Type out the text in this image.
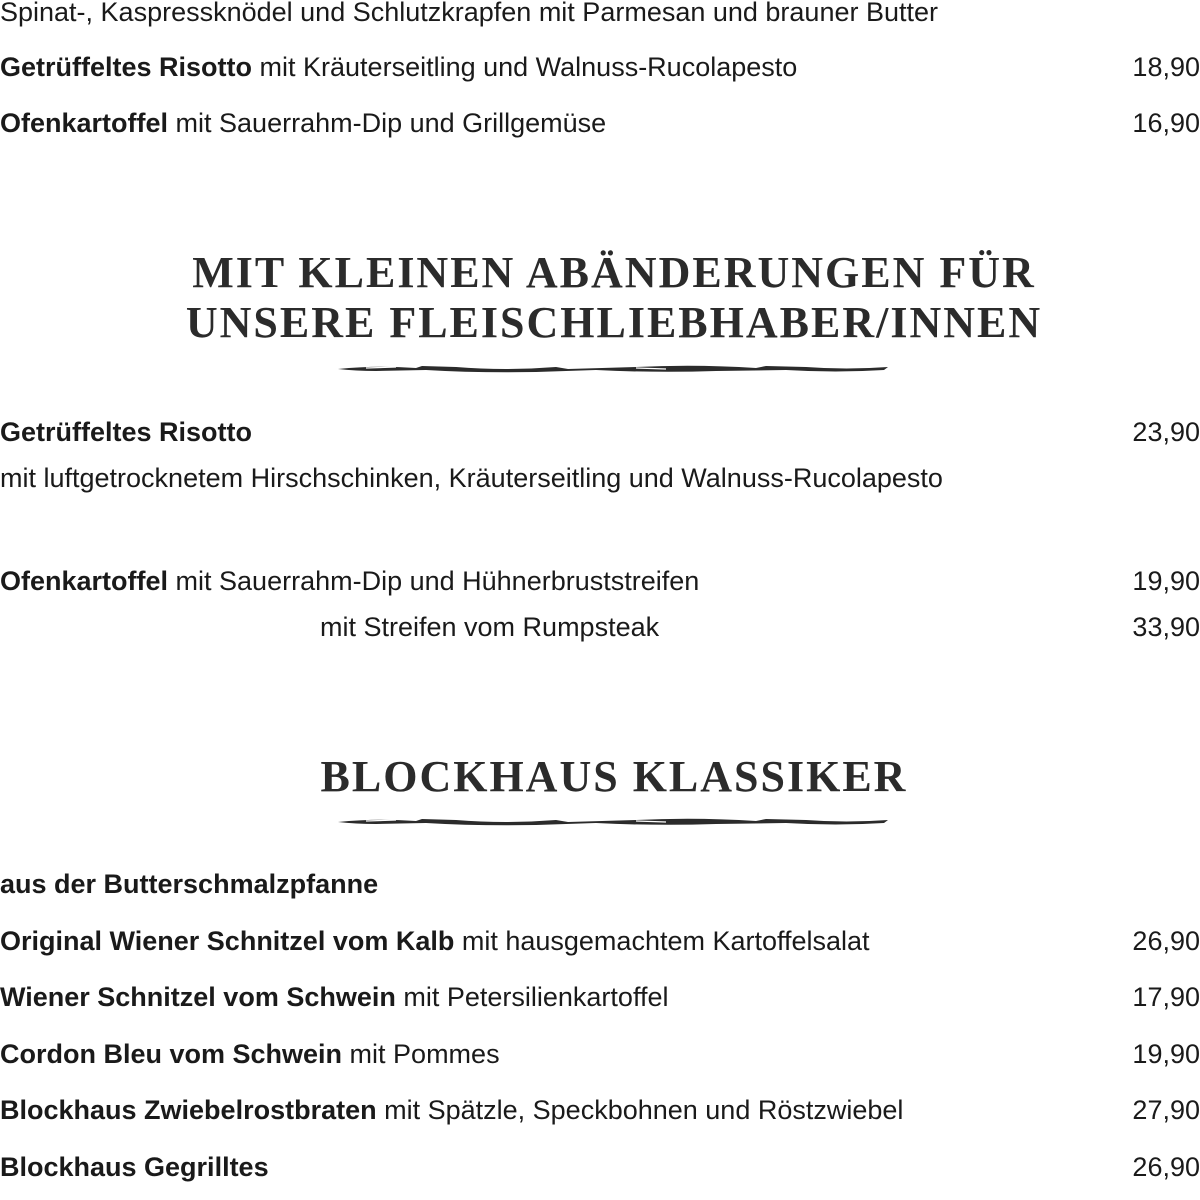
Spinat-, Kaspressknödel und Schlutzkrapfen mit Parmesan und brauner Butter
Getrüffeltes Risotto mit Kräuterseitling und Walnuss-Rucolapesto	18,90
Ofenkartoffel mit Sauerrahm-Dip und Grillgemüse	16,90
MIT KLEINEN ABÄNDERUNGEN FÜR
UNSERE FLEISCHLIEBHABER/INNEN
Getrüffeltes Risotto	23,90
mit luftgetrocknetem Hirschschinken, Kräuterseitling und Walnuss-Rucolapesto
Ofenkartoffel mit Sauerrahm-Dip und Hühnerbruststreifen	19,90
mit Streifen vom Rumpsteak	33,90
BLOCKHAUS KLASSIKER
aus der Butterschmalzpfanne
Original Wiener Schnitzel vom Kalb mit hausgemachtem Kartoffelsalat	26,90
Wiener Schnitzel vom Schwein mit Petersilienkartoffel	17,90
Cordon Bleu vom Schwein mit Pommes	19,90
Blockhaus Zwiebelrostbraten mit Spätzle, Speckbohnen und Röstzwiebel	27,90
Blockhaus Gegrilltes	26,90
